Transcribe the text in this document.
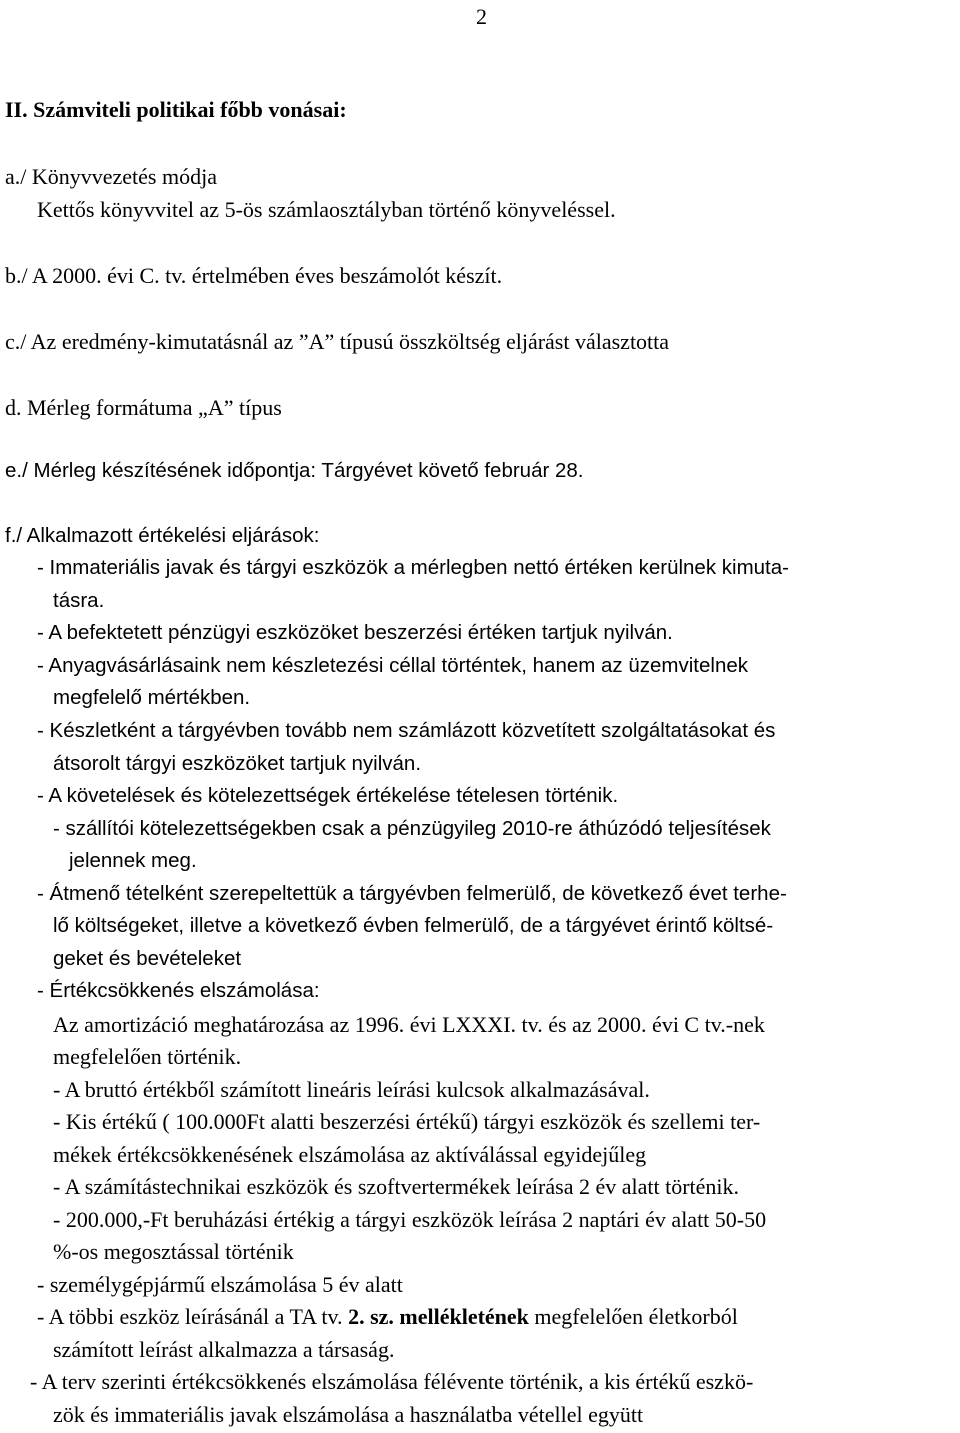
2
II. Számviteli politikai főbb vonásai:
a./ Könyvvezetés módja
Kettős könyvvitel az 5-ös számlaosztályban történő könyveléssel.
b./ A 2000. évi C. tv. értelmében éves beszámolót készít.
c./ Az eredmény-kimutatásnál az ”A” típusú összköltség eljárást választotta
d. Mérleg formátuma „A” típus
e./ Mérleg készítésének időpontja: Tárgyévet követő február 28.
f./ Alkalmazott értékelési eljárások:
- Immateriális javak és tárgyi eszközök a mérlegben nettó értéken kerülnek kimuta-
tásra.
- A befektetett pénzügyi eszközöket beszerzési értéken tartjuk nyilván.
- Anyagvásárlásaink nem készletezési céllal történtek, hanem az üzemvitelnek
megfelelő mértékben.
- Készletként a tárgyévben tovább nem számlázott közvetített szolgáltatásokat és
átsorolt tárgyi eszközöket tartjuk nyilván.
- A követelések és kötelezettségek értékelése tételesen történik.
- szállítói kötelezettségekben csak a pénzügyileg 2010-re áthúzódó teljesítések
jelennek meg.
- Átmenő tételként szerepeltettük a tárgyévben felmerülő, de következő évet terhe-
lő költségeket, illetve a következő évben felmerülő, de a tárgyévet érintő költsé-
geket és bevételeket
- Értékcsökkenés elszámolása:
Az amortizáció meghatározása az 1996. évi LXXXI. tv. és az 2000. évi C tv.-nek
megfelelően történik.
- A bruttó értékből számított lineáris leírási kulcsok alkalmazásával.
- Kis értékű ( 100.000Ft alatti beszerzési értékű) tárgyi eszközök és szellemi ter-
mékek értékcsökkenésének elszámolása az aktíválással egyidejűleg
- A számítástechnikai eszközök és szoftvertermékek leírása 2 év alatt történik.
- 200.000,-Ft beruházási értékig a tárgyi eszközök leírása 2 naptári év alatt 50-50
%-os megosztással történik
- személygépjármű elszámolása 5 év alatt
- A többi eszköz leírásánál a TA tv. 2. sz. mellékletének megfelelően életkorból
számított leírást alkalmazza a társaság.
- A terv szerinti értékcsökkenés elszámolása félévente történik, a kis értékű eszkö-
zök és immateriális javak elszámolása a használatba vétellel együtt
